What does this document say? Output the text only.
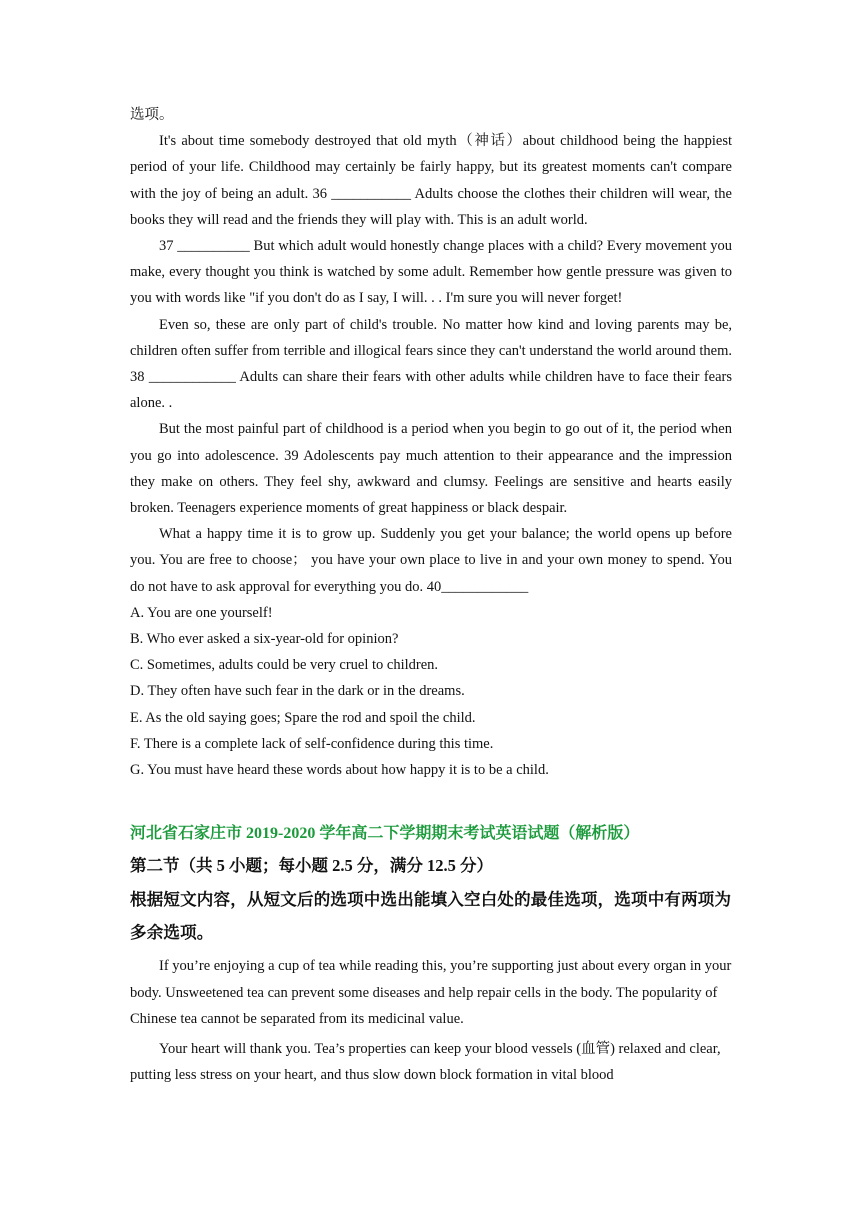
选项。

It's about time somebody destroyed that old myth（神话）about childhood being the happiest period of your life. Childhood may certainly be fairly happy, but its greatest moments can't compare with the joy of being an adult. 36 ___________ Adults choose the clothes their children will wear, the books they will read and the friends they will play with. This is an adult world.

37 __________ But which adult would honestly change places with a child? Every movement you make, every thought you think is watched by some adult. Remember how gentle pressure was given to you with words like "if you don't do as I say, I will. . . I'm sure you will never forget!

Even so, these are only part of child's trouble. No matter how kind and loving parents may be, children often suffer from terrible and illogical fears since they can't understand the world around them. 38 ____________ Adults can share their fears with other adults while children have to face their fears alone. .

But the most painful part of childhood is a period when you begin to go out of it, the period when you go into adolescence. 39 Adolescents pay much attention to their appearance and the impression they make on others. They feel shy, awkward and clumsy. Feelings are sensitive and hearts easily broken. Teenagers experience moments of great happiness or black despair.

What a happy time it is to grow up. Suddenly you get your balance; the world opens up before you. You are free to choose； you have your own place to live in and your own money to spend. You do not have to ask approval for everything you do. 40____________

A. You are one yourself!

B. Who ever asked a six-year-old for opinion?

C. Sometimes, adults could be very cruel to children.

D. They often have such fear in the dark or in the dreams.

E. As the old saying goes; Spare the rod and spoil the child.

F. There is a complete lack of self-confidence during this time.

G. You must have heard these words about how happy it is to be a child.

河北省石家庄市 2019-2020 学年高二下学期期末考试英语试题（解析版）

第二节（共 5 小题；每小题 2.5 分，满分 12.5 分）

根据短文内容，从短文后的选项中选出能填入空白处的最佳选项，选项中有两项为多余选项。

If you’re enjoying a cup of tea while reading this, you’re supporting just about every organ in your body. Unsweetened tea can prevent some diseases and help repair cells in the body. The popularity of Chinese tea cannot be separated from its medicinal value.

Your heart will thank you. Tea’s properties can keep your blood vessels (血管) relaxed and clear, putting less stress on your heart, and thus slow down block formation in vital blood
